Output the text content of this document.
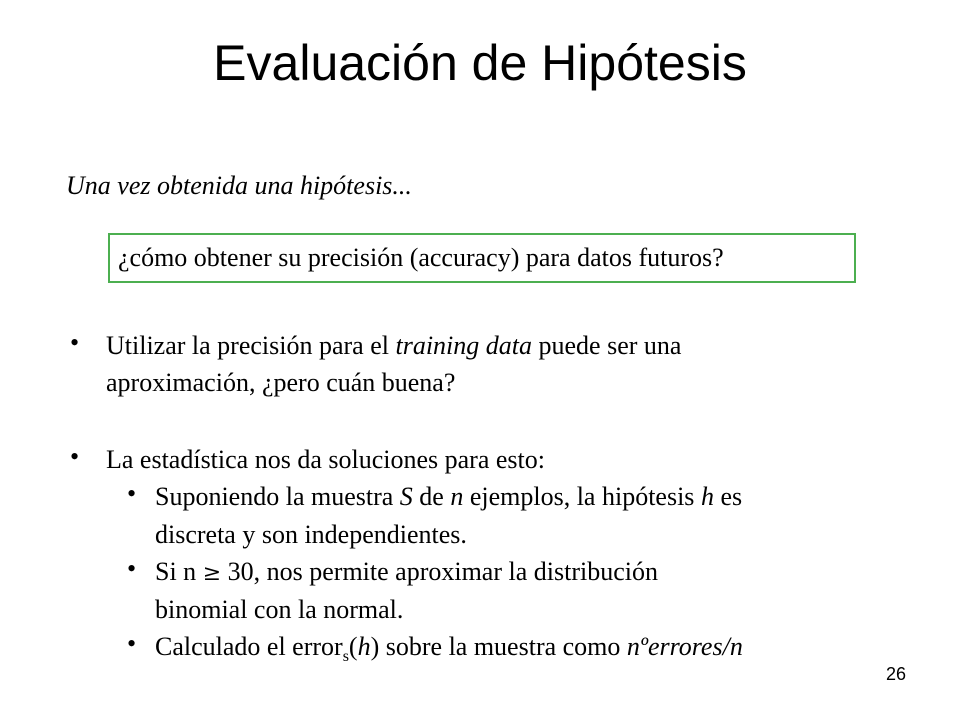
Evaluación de Hipótesis
Una vez obtenida una hipótesis...
¿cómo obtener su precisión (accuracy) para datos futuros?
• Utilizar la precisión para el training data puede ser una
aproximación, ¿pero cuán buena?
• La estadística nos da soluciones para esto:
• Suponiendo la muestra S de n ejemplos, la hipótesis h es
discreta y son independientes.
• Si n ≥ 30, nos permite aproximar la distribución
binomial con la normal.
• Calculado el error$_s$(h) sobre la muestra como nºerrores/n
26
